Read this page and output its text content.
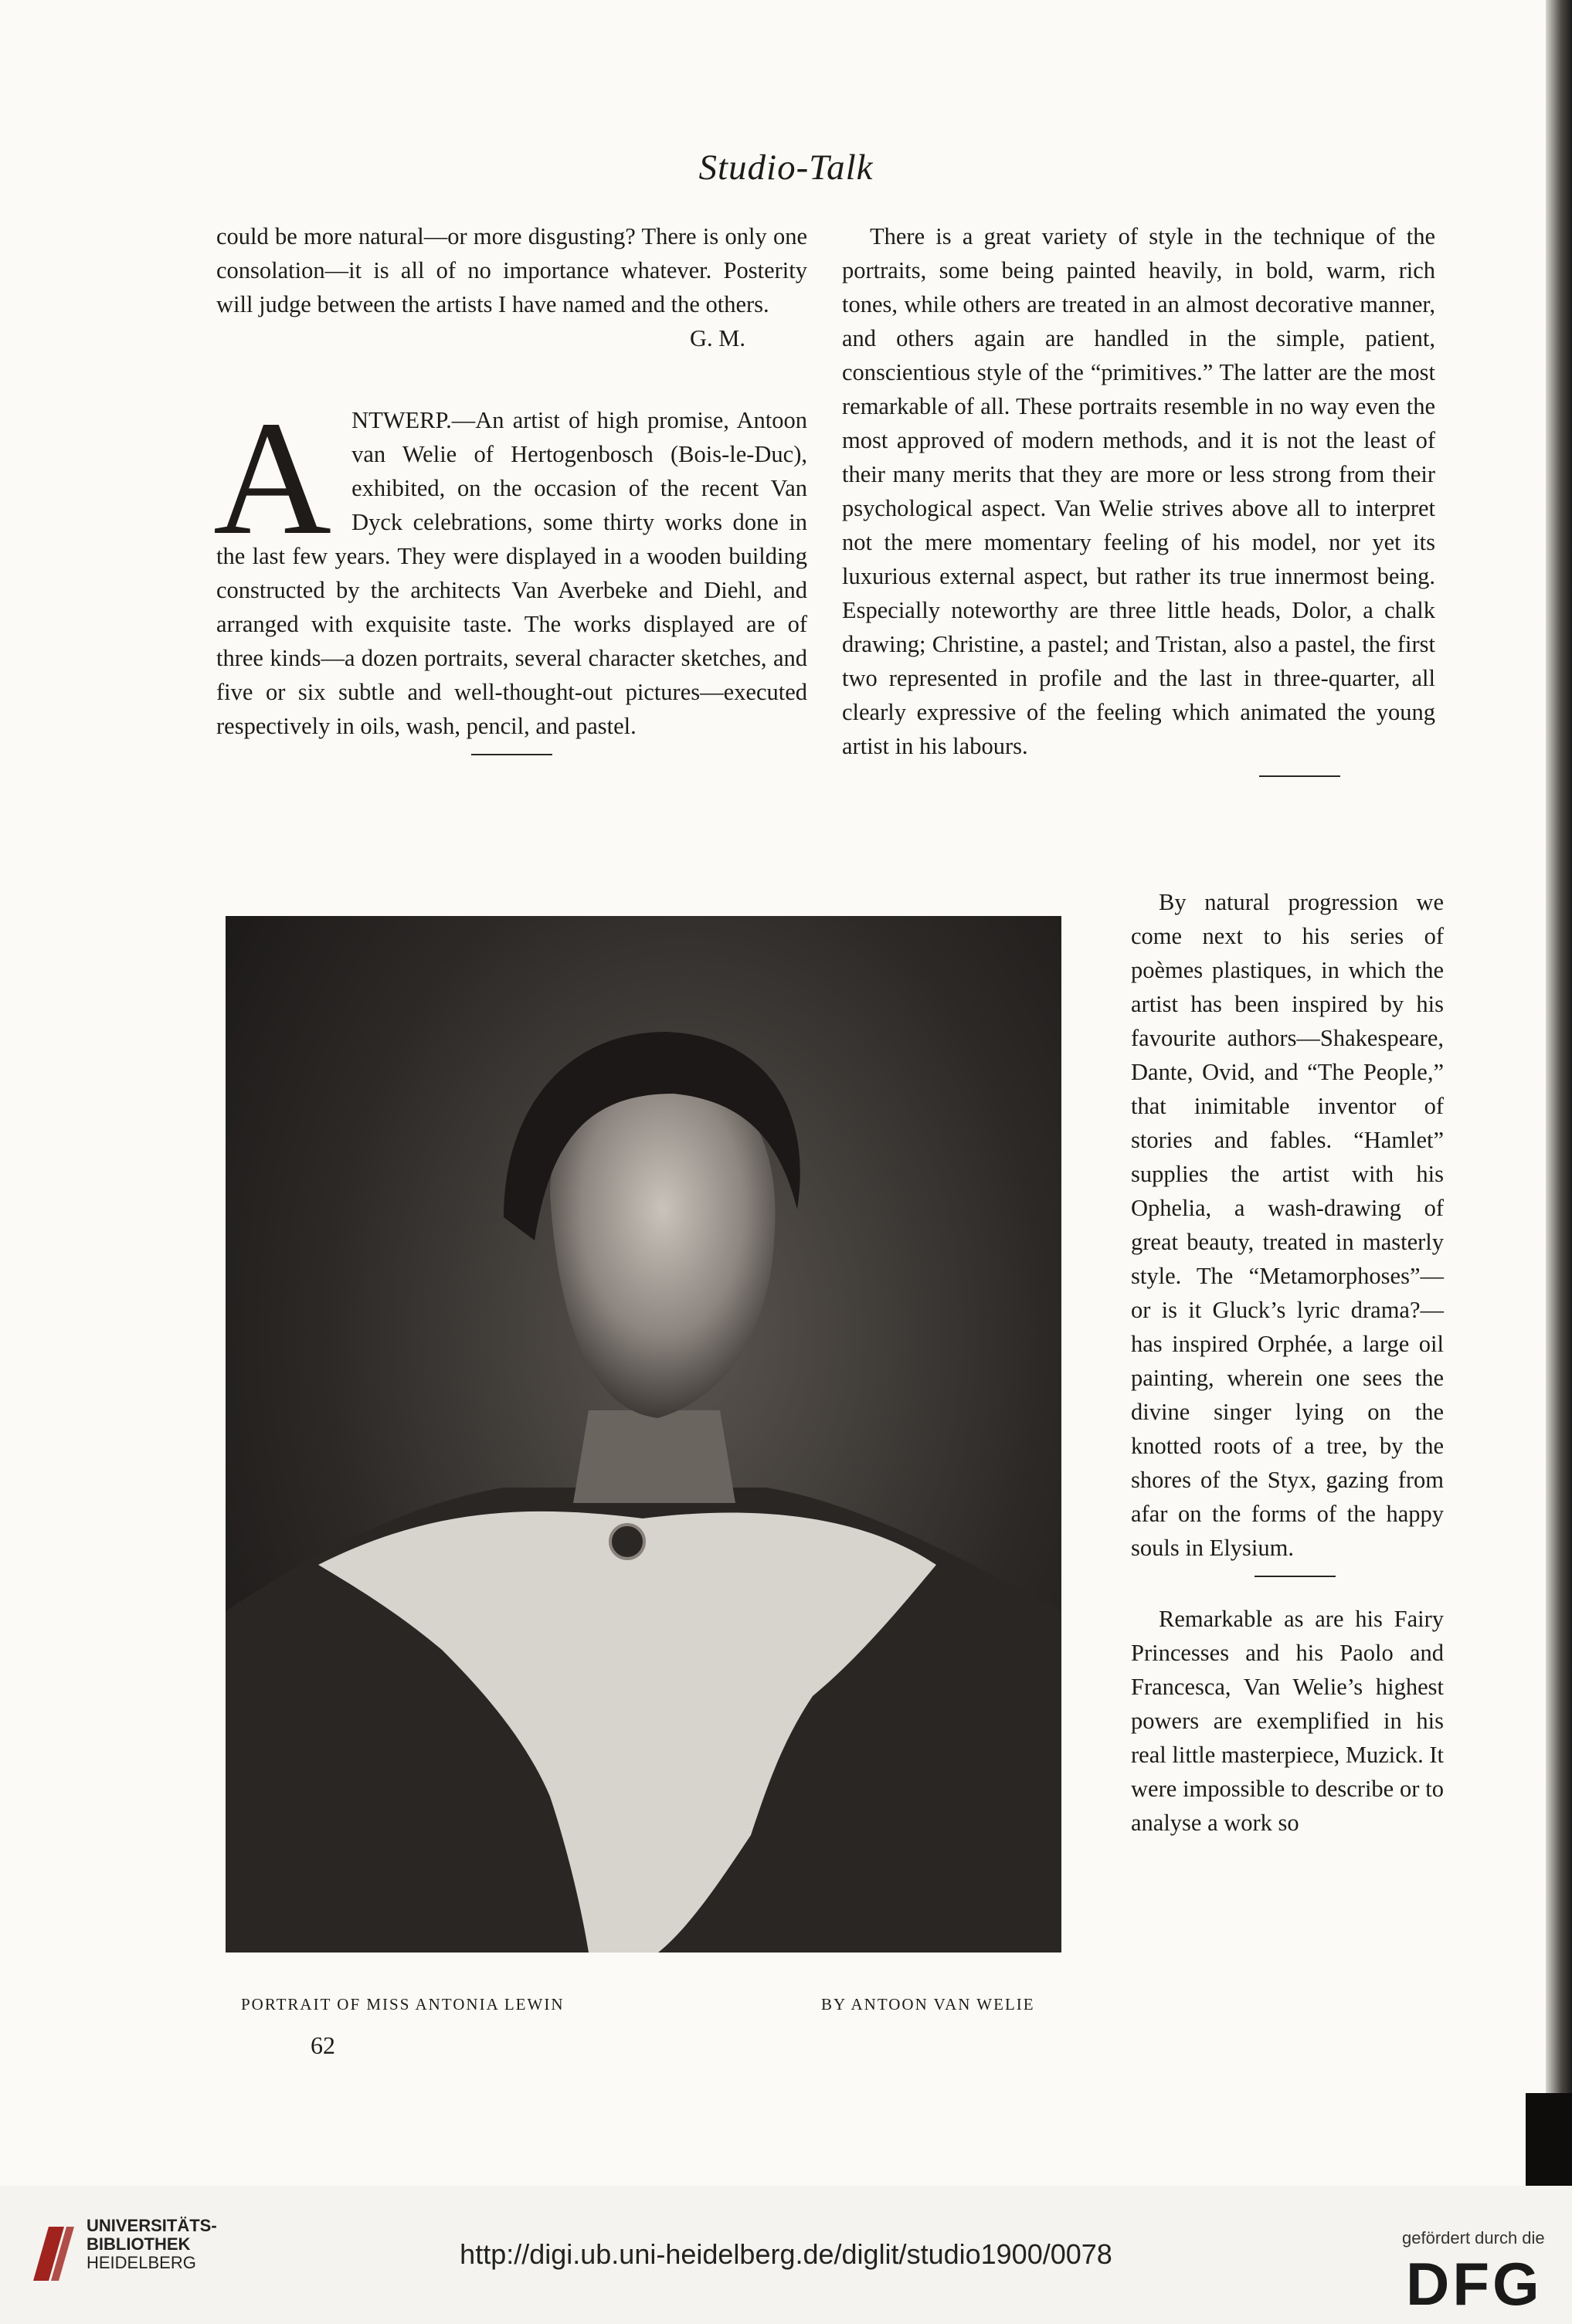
Studio-Talk

could be more natural—or more disgusting? There is only one consolation—it is all of no importance whatever. Posterity will judge between the artists I have named and the others.

G. M.

ANTWERP.—An artist of high promise, Antoon van Welie of Hertogenbosch (Bois-le-Duc), exhibited, on the occasion of the recent Van Dyck celebrations, some thirty works done in the last few years. They were displayed in a wooden building constructed by the architects Van Averbeke and Diehl, and arranged with exquisite taste. The works displayed are of three kinds—a dozen portraits, several character sketches, and five or six subtle and well-thought-out pictures—executed respectively in oils, wash, pencil, and pastel.

There is a great variety of style in the technique of the portraits, some being painted heavily, in bold, warm, rich tones, while others are treated in an almost decorative manner, and others again are handled in the simple, patient, conscientious style of the “primitives.” The latter are the most remarkable of all. These portraits resemble in no way even the most approved of modern methods, and it is not the least of their many merits that they are more or less strong from their psychological aspect. Van Welie strives above all to interpret not the mere momentary feeling of his model, nor yet its luxurious external aspect, but rather its true innermost being. Especially noteworthy are three little heads, Dolor, a chalk drawing; Christine, a pastel; and Tristan, also a pastel, the first two represented in profile and the last in three-quarter, all clearly expressive of the feeling which animated the young artist in his labours.

By natural progression we come next to his series of poèmes plastiques, in which the artist has been inspired by his favourite authors—Shakespeare, Dante, Ovid, and “The People,” that inimitable inventor of stories and fables. “Hamlet” supplies the artist with his Ophelia, a wash-drawing of great beauty, treated in masterly style. The “Metamorphoses”—or is it Gluck’s lyric drama?—has inspired Orphée, a large oil painting, wherein one sees the divine singer lying on the knotted roots of a tree, by the shores of the Styx, gazing from afar on the forms of the happy souls in Elysium.

Remarkable as are his Fairy Princesses and his Paolo and Francesca, Van Welie’s highest powers are exemplified in his real little masterpiece, Muzick. It were impossible to describe or to analyse a work so

PORTRAIT OF MISS ANTONIA LEWIN	BY ANTOON VAN WELIE
62
UNIVERSITÄTS-
BIBLIOTHEK
HEIDELBERG	http://digi.ub.uni-heidelberg.de/diglit/studio1900/0078
gefördert durch die
DFG
